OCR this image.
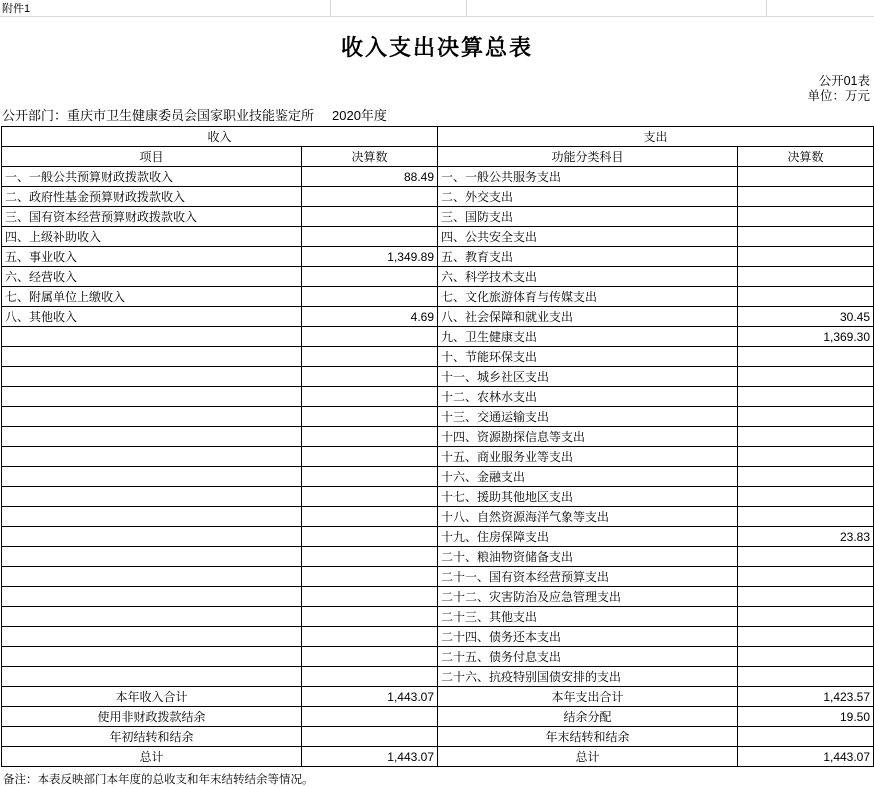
附件1
收入支出决算总表
公开01表
单位：万元
公开部门：重庆市卫生健康委员会国家职业技能鉴定所	2020年度
收入		支出	
项目	决算数	功能分类科目	决算数
一、一般公共预算财政拨款收入	88.49	一、一般公共服务支出	
二、政府性基金预算财政拨款收入		二、外交支出	
三、国有资本经营预算财政拨款收入		三、国防支出	
四、上级补助收入		四、公共安全支出	
五、事业收入	1,349.89	五、教育支出	
六、经营收入		六、科学技术支出	
七、附属单位上缴收入		七、文化旅游体育与传媒支出	
八、其他收入	4.69	八、社会保障和就业支出	30.45
		九、卫生健康支出	1,369.30
		十、节能环保支出	
		十一、城乡社区支出	
		十二、农林水支出	
		十三、交通运输支出	
		十四、资源勘探信息等支出	
		十五、商业服务业等支出	
		十六、金融支出	
		十七、援助其他地区支出	
		十八、自然资源海洋气象等支出	
		十九、住房保障支出	23.83
		二十、粮油物资储备支出	
		二十一、国有资本经营预算支出	
		二十二、灾害防治及应急管理支出	
		二十三、其他支出	
		二十四、债务还本支出	
		二十五、债务付息支出	
		二十六、抗疫特别国债安排的支出	
本年收入合计	1,443.07	本年支出合计	1,423.57
使用非财政拨款结余		结余分配	19.50
年初结转和结余		年末结转和结余	
总计	1,443.07	总计	1,443.07
备注：本表反映部门本年度的总收支和年末结转结余等情况。
